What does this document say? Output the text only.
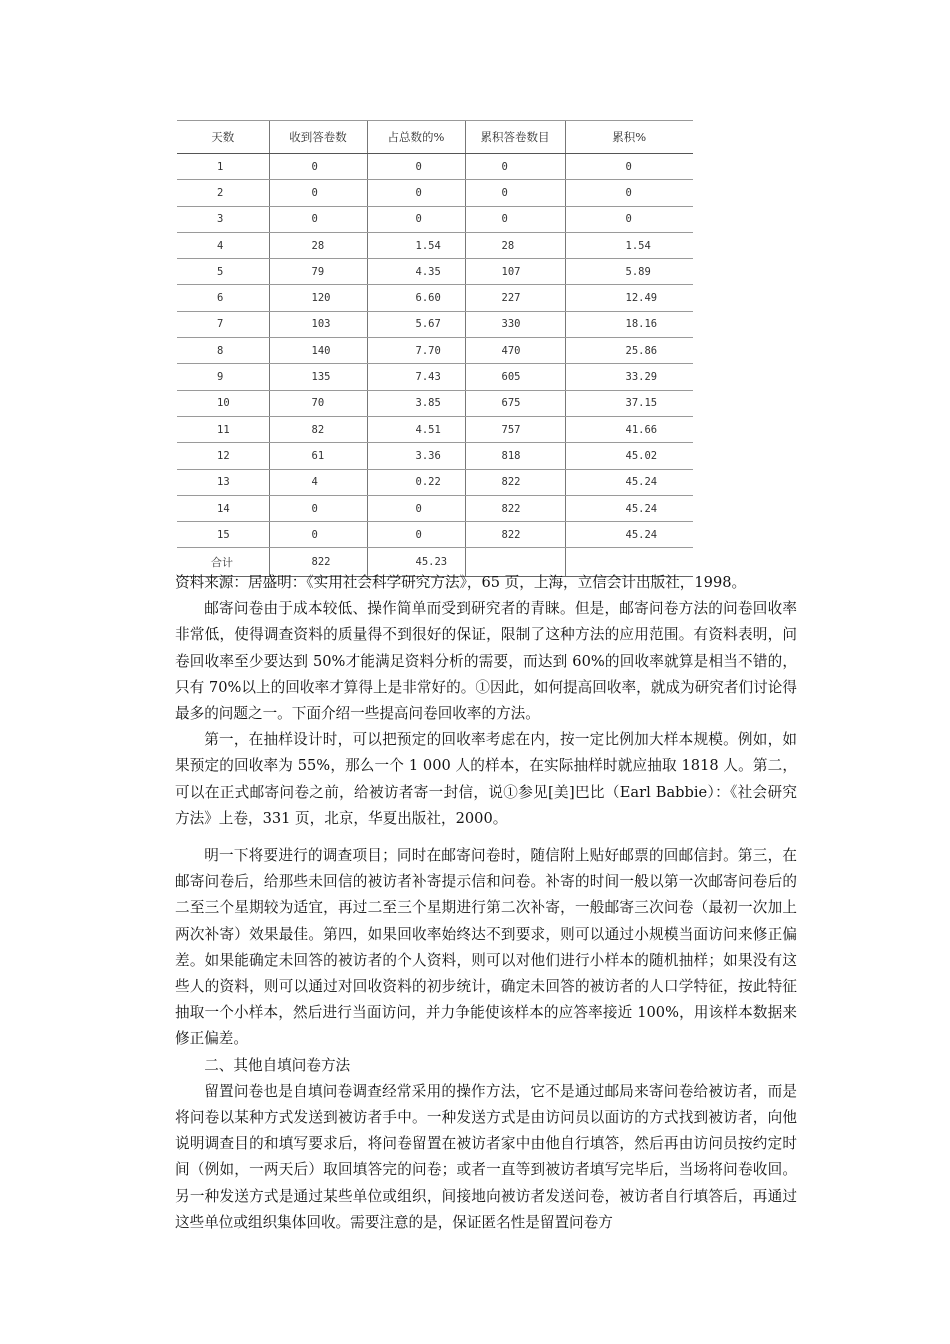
天数	收到答卷数	占总数的%	累积答卷数目	累积%
1	0	0	0	0
2	0	0	0	0
3	0	0	0	0
4	28	1.54	28	1.54
5	79	4.35	107	5.89
6	120	6.60	227	12.49
7	103	5.67	330	18.16
8	140	7.70	470	25.86
9	135	7.43	605	33.29
10	70	3.85	675	37.15
11	82	4.51	757	41.66
12	61	3.36	818	45.02
13	4	0.22	822	45.24
14	0	0	822	45.24
15	0	0	822	45.24
合计	822	45.23		

资料来源：居盛明：《实用社会科学研究方法》，65 页，上海，立信会计出版社，1998。

邮寄问卷由于成本较低、操作简单而受到研究者的青睐。但是，邮寄问卷方法的问卷回收率非常低，使得调查资料的质量得不到很好的保证，限制了这种方法的应用范围。有资料表明，问卷回收率至少要达到 50%才能满足资料分析的需要，而达到 60%的回收率就算是相当不错的，只有 70%以上的回收率才算得上是非常好的。①因此，如何提高回收率，就成为研究者们讨论得最多的问题之一。下面介绍一些提高问卷回收率的方法。

第一，在抽样设计时，可以把预定的回收率考虑在内，按一定比例加大样本规模。例如，如果预定的回收率为 55%，那么一个 1 000 人的样本，在实际抽样时就应抽取 1818 人。第二，可以在正式邮寄问卷之前，给被访者寄一封信，说①参见[美]巴比（Earl Babbie）：《社会研究方法》上卷，331 页，北京，华夏出版社，2000。

明一下将要进行的调查项目；同时在邮寄问卷时，随信附上贴好邮票的回邮信封。第三，在邮寄问卷后，给那些未回信的被访者补寄提示信和问卷。补寄的时间一般以第一次邮寄问卷后的二至三个星期较为适宜，再过二至三个星期进行第二次补寄，一般邮寄三次问卷（最初一次加上两次补寄）效果最佳。第四，如果回收率始终达不到要求，则可以通过小规模当面访问来修正偏差。如果能确定未回答的被访者的个人资料，则可以对他们进行小样本的随机抽样；如果没有这些人的资料，则可以通过对回收资料的初步统计，确定未回答的被访者的人口学特征，按此特征抽取一个小样本，然后进行当面访问，并力争能使该样本的应答率接近 100%，用该样本数据来修正偏差。

二、其他自填问卷方法

留置问卷也是自填问卷调查经常采用的操作方法，它不是通过邮局来寄问卷给被访者，而是将问卷以某种方式发送到被访者手中。一种发送方式是由访问员以面访的方式找到被访者，向他说明调查目的和填写要求后，将问卷留置在被访者家中由他自行填答，然后再由访问员按约定时间（例如，一两天后）取回填答完的问卷；或者一直等到被访者填写完毕后，当场将问卷收回。另一种发送方式是通过某些单位或组织，间接地向被访者发送问卷，被访者自行填答后，再通过这些单位或组织集体回收。需要注意的是，保证匿名性是留置问卷方
